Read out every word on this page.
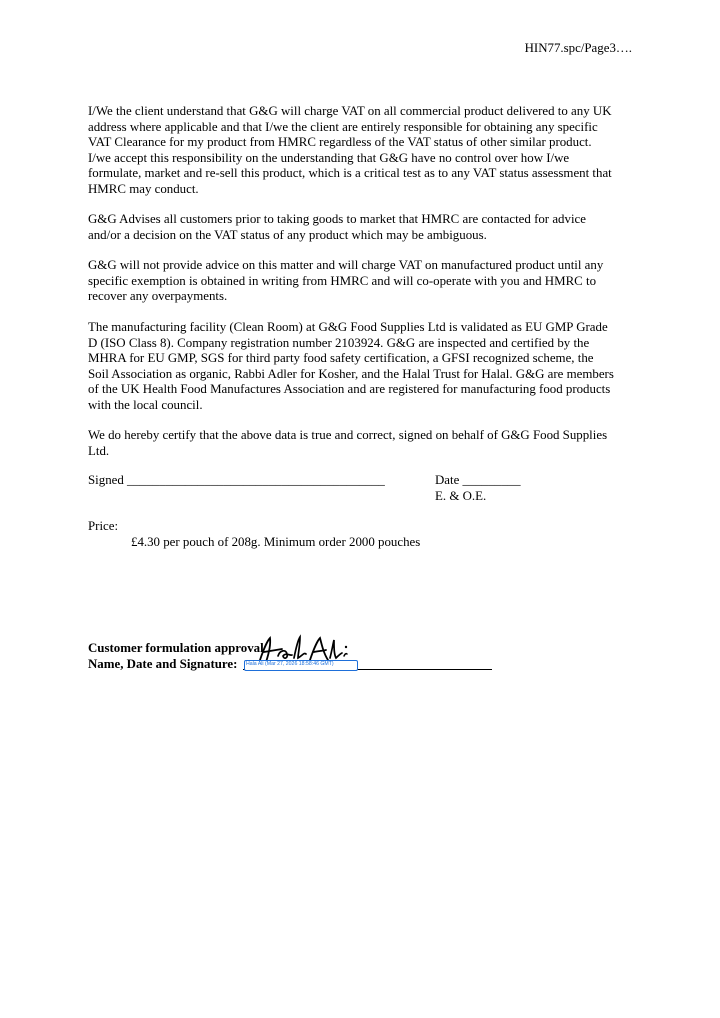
HIN77.spc/Page3….

I/We the client understand that G&G will charge VAT on all commercial product delivered to any UK
address where applicable and that I/we the client are entirely responsible for obtaining any specific
VAT Clearance for my product from HMRC regardless of the VAT status of other similar product.
I/we accept this responsibility on the understanding that G&G have no control over how I/we
formulate, market and re-sell this product, which is a critical test as to any VAT status assessment that
HMRC may conduct.

G&G Advises all customers prior to taking goods to market that HMRC are contacted for advice
and/or a decision on the VAT status of any product which may be ambiguous.

G&G will not provide advice on this matter and will charge VAT on manufactured product until any
specific exemption is obtained in writing from HMRC and will co-operate with you and HMRC to
recover any overpayments.

The manufacturing facility (Clean Room) at G&G Food Supplies Ltd is validated as EU GMP Grade
D (ISO Class 8). Company registration number 2103924. G&G are inspected and certified by the
MHRA for EU GMP, SGS for third party food safety certification, a GFSI recognized scheme, the
Soil Association as organic, Rabbi Adler for Kosher, and the Halal Trust for Halal. G&G are members
of the UK Health Food Manufactures Association and are registered for manufacturing food products
with the local council.

We do hereby certify that the above data is true and correct, signed on behalf of G&G Food Supplies
Ltd.

Signed ________________________________________	Date _________
E. & O.E.
Price:
£4.30 per pouch of 208g. Minimum order 2000 pouches
Customer formulation approval
Name, Date and Signature: Hala Ali (Mar 27, 2026 18:58:46 GMT)
